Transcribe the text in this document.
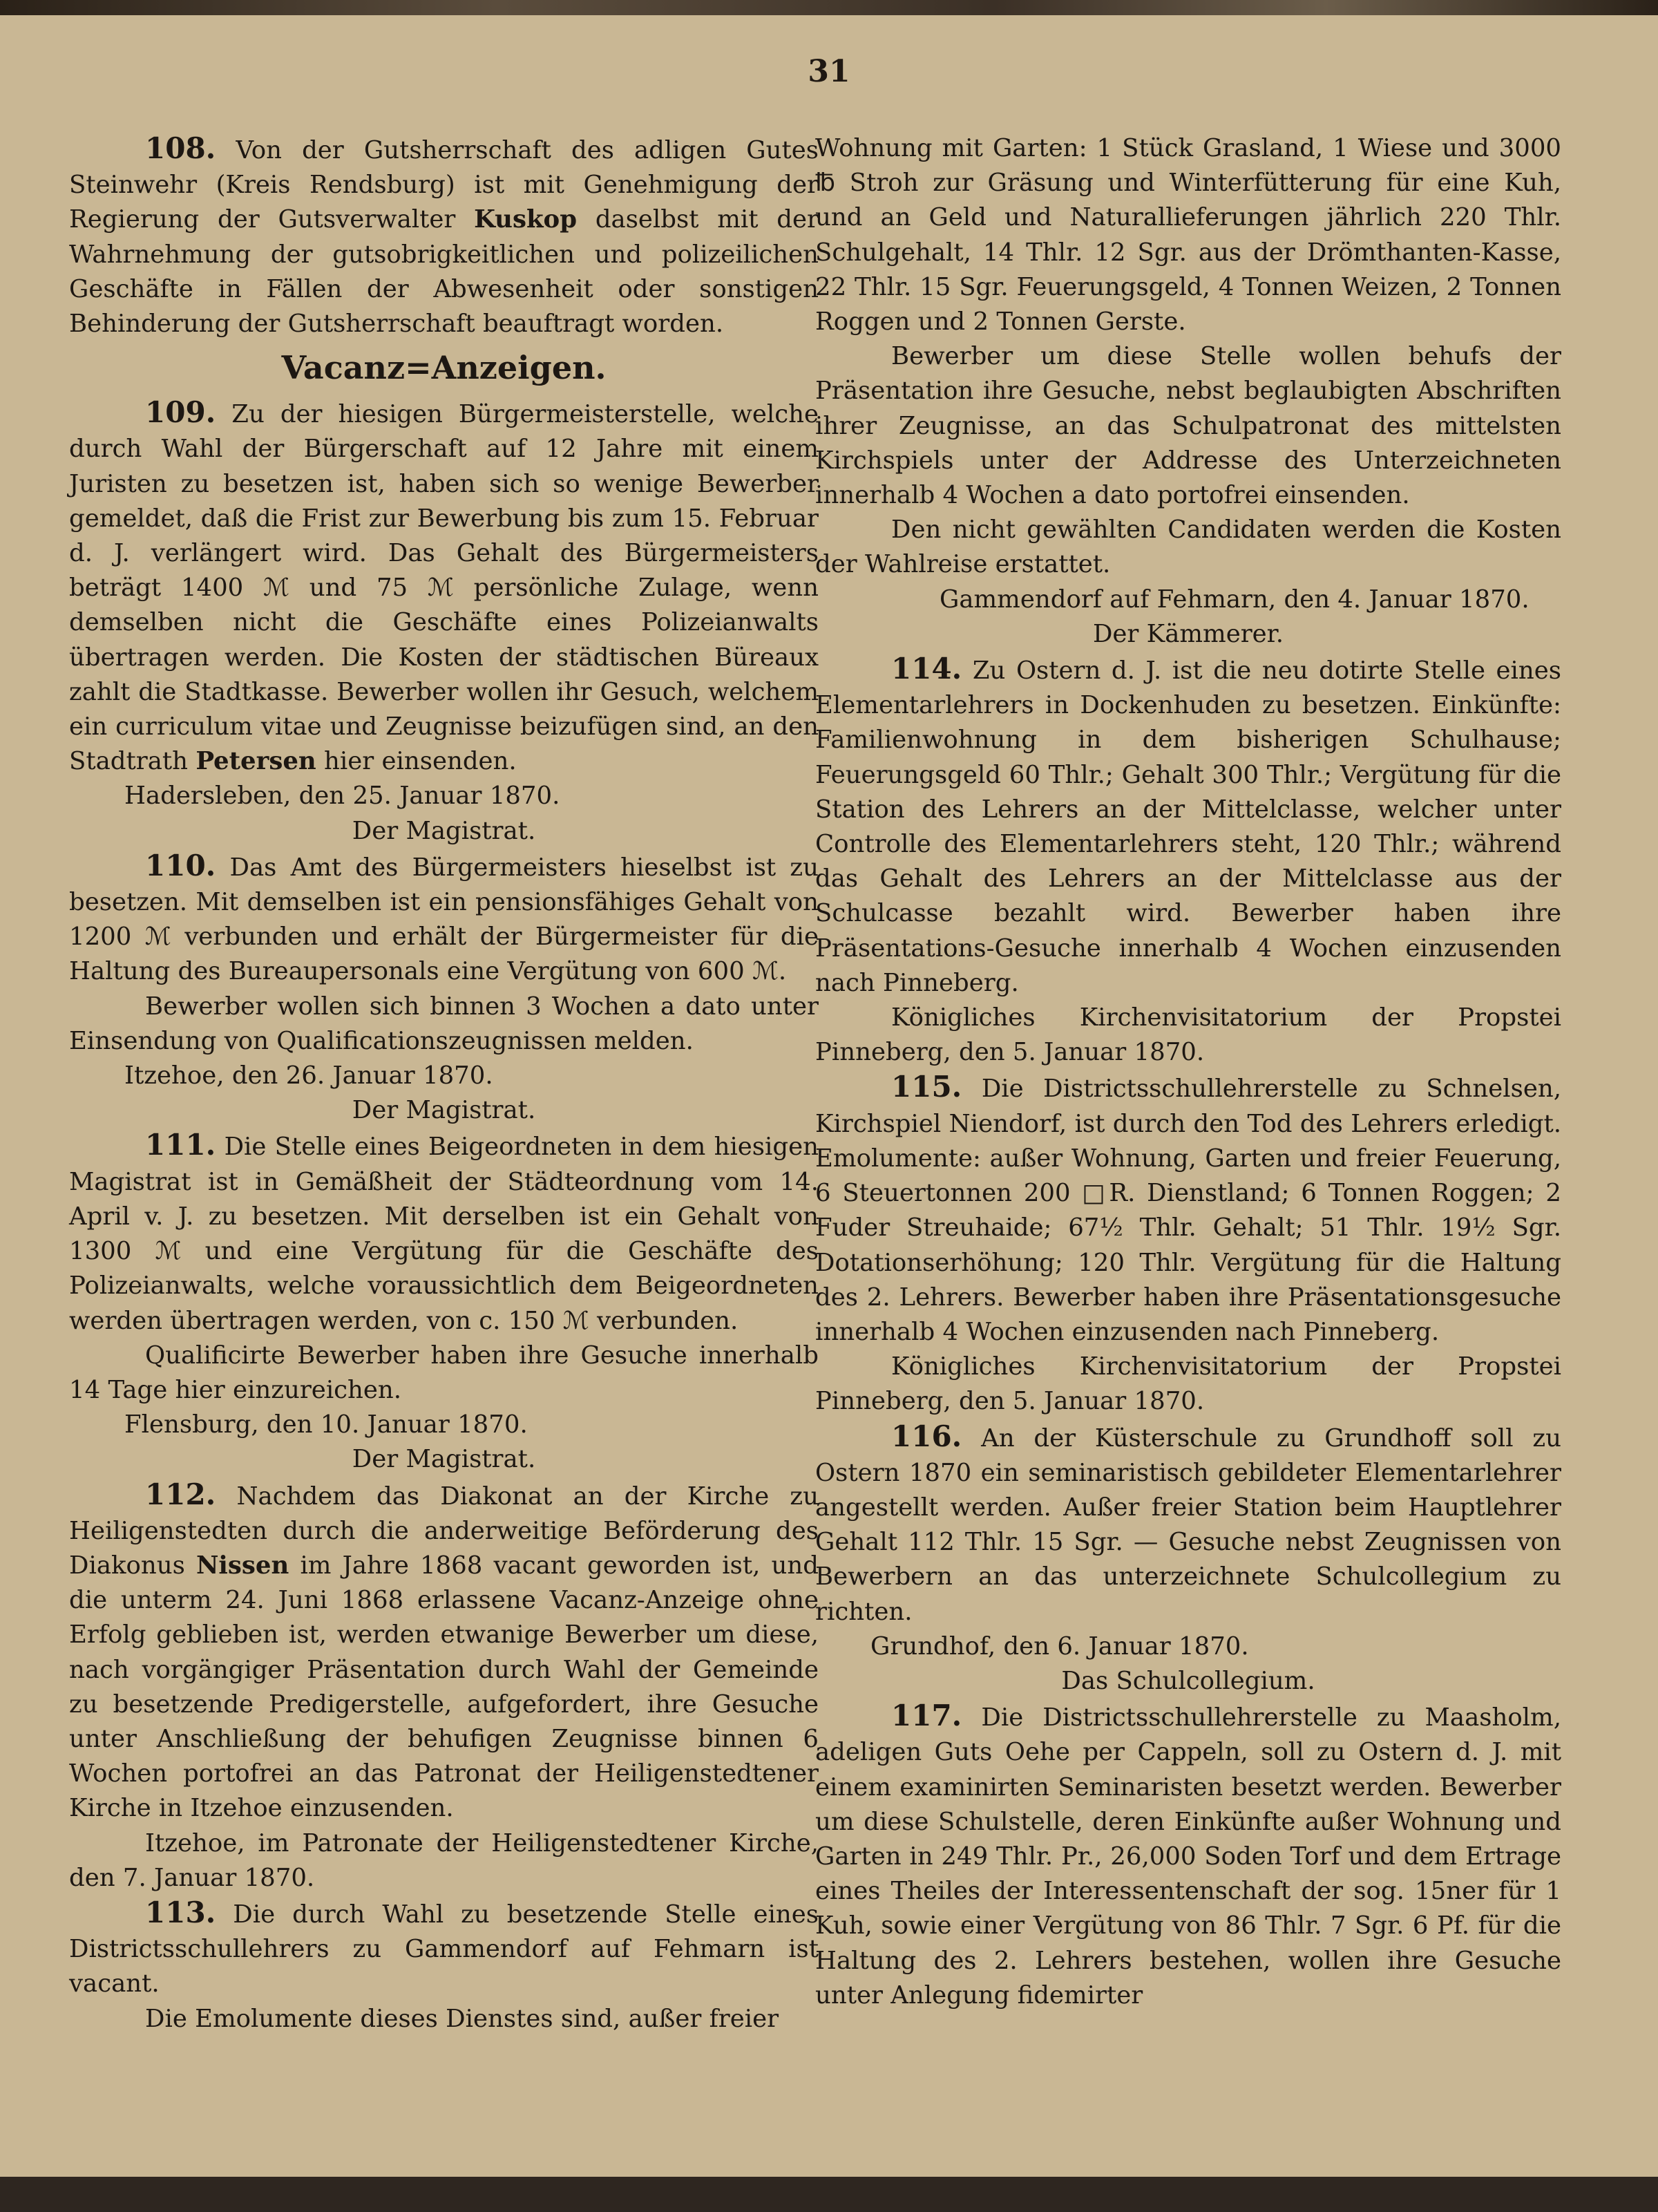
31

108. Von der Gutsherrschaft des adligen Gutes Steinwehr (Kreis Rendsburg) ist mit Genehmigung der Regierung der Gutsverwalter Kuskop daselbst mit der Wahrnehmung der gutsobrigkeitlichen und polizeilichen Geschäfte in Fällen der Abwesenheit oder sonstigen Behinderung der Gutsherrschaft beauftragt worden.

Vacanz=Anzeigen.

109. Zu der hiesigen Bürgermeisterstelle, welche durch Wahl der Bürgerschaft auf 12 Jahre mit einem Juristen zu besetzen ist, haben sich so wenige Bewerber gemeldet, daß die Frist zur Bewerbung bis zum 15. Februar d. J. verlängert wird. Das Gehalt des Bürgermeisters beträgt 1400 ℳ und 75 ℳ persönliche Zulage, wenn demselben nicht die Geschäfte eines Polizeianwalts übertragen werden. Die Kosten der städtischen Büreaux zahlt die Stadtkasse. Bewerber wollen ihr Gesuch, welchem ein curriculum vitae und Zeugnisse beizufügen sind, an den Stadtrath Petersen hier einsenden.

Hadersleben, den 25. Januar 1870.

Der Magistrat.

110. Das Amt des Bürgermeisters hieselbst ist zu besetzen. Mit demselben ist ein pensionsfähiges Gehalt von 1200 ℳ verbunden und erhält der Bürgermeister für die Haltung des Bureaupersonals eine Vergütung von 600 ℳ.

Bewerber wollen sich binnen 3 Wochen a dato unter Einsendung von Qualificationszeugnissen melden.

Itzehoe, den 26. Januar 1870.

Der Magistrat.

111. Die Stelle eines Beigeordneten in dem hiesigen Magistrat ist in Gemäßheit der Städteordnung vom 14. April v. J. zu besetzen. Mit derselben ist ein Gehalt von 1300 ℳ und eine Vergütung für die Geschäfte des Polizeianwalts, welche voraussichtlich dem Beigeordneten werden übertragen werden, von c. 150 ℳ verbunden.

Qualificirte Bewerber haben ihre Gesuche innerhalb 14 Tage hier einzureichen.

Flensburg, den 10. Januar 1870.

Der Magistrat.

112. Nachdem das Diakonat an der Kirche zu Heiligenstedten durch die anderweitige Beförderung des Diakonus Nissen im Jahre 1868 vacant geworden ist, und die unterm 24. Juni 1868 erlassene Vacanz-Anzeige ohne Erfolg geblieben ist, werden etwanige Bewerber um diese, nach vorgängiger Präsentation durch Wahl der Gemeinde zu besetzende Predigerstelle, aufgefordert, ihre Gesuche unter Anschließung der behufigen Zeugnisse binnen 6 Wochen portofrei an das Patronat der Heiligenstedtener Kirche in Itzehoe einzusenden.

Itzehoe, im Patronate der Heiligenstedtener Kirche, den 7. Januar 1870.

113. Die durch Wahl zu besetzende Stelle eines Districtsschullehrers zu Gammendorf auf Fehmarn ist vacant.

Die Emolumente dieses Dienstes sind, außer freier

Wohnung mit Garten: 1 Stück Grasland, 1 Wiese und 3000 ℔ Stroh zur Gräsung und Winterfütterung für eine Kuh, und an Geld und Naturallieferungen jährlich 220 Thlr. Schulgehalt, 14 Thlr. 12 Sgr. aus der Drömthanten-Kasse, 22 Thlr. 15 Sgr. Feuerungsgeld, 4 Tonnen Weizen, 2 Tonnen Roggen und 2 Tonnen Gerste.

Bewerber um diese Stelle wollen behufs der Präsentation ihre Gesuche, nebst beglaubigten Abschriften ihrer Zeugnisse, an das Schulpatronat des mittelsten Kirchspiels unter der Addresse des Unterzeichneten innerhalb 4 Wochen a dato portofrei einsenden.

Den nicht gewählten Candidaten werden die Kosten der Wahlreise erstattet.

Gammendorf auf Fehmarn, den 4. Januar 1870.

Der Kämmerer.

114. Zu Ostern d. J. ist die neu dotirte Stelle eines Elementarlehrers in Dockenhuden zu besetzen. Einkünfte: Familienwohnung in dem bisherigen Schulhause; Feuerungsgeld 60 Thlr.; Gehalt 300 Thlr.; Vergütung für die Station des Lehrers an der Mittelclasse, welcher unter Controlle des Elementarlehrers steht, 120 Thlr.; während das Gehalt des Lehrers an der Mittelclasse aus der Schulcasse bezahlt wird. Bewerber haben ihre Präsentations-Gesuche innerhalb 4 Wochen einzusenden nach Pinneberg.

Königliches Kirchenvisitatorium der Propstei Pinneberg, den 5. Januar 1870.

115. Die Districtsschullehrerstelle zu Schnelsen, Kirchspiel Niendorf, ist durch den Tod des Lehrers erledigt. Emolumente: außer Wohnung, Garten und freier Feuerung, 6 Steuertonnen 200 □R. Dienstland; 6 Tonnen Roggen; 2 Fuder Streuhaide; 67½ Thlr. Gehalt; 51 Thlr. 19½ Sgr. Dotationserhöhung; 120 Thlr. Vergütung für die Haltung des 2. Lehrers. Bewerber haben ihre Präsentationsgesuche innerhalb 4 Wochen einzusenden nach Pinneberg.

Königliches Kirchenvisitatorium der Propstei Pinneberg, den 5. Januar 1870.

116. An der Küsterschule zu Grundhoff soll zu Ostern 1870 ein seminaristisch gebildeter Elementarlehrer angestellt werden. Außer freier Station beim Hauptlehrer Gehalt 112 Thlr. 15 Sgr. — Gesuche nebst Zeugnissen von Bewerbern an das unterzeichnete Schulcollegium zu richten.

Grundhof, den 6. Januar 1870.

Das Schulcollegium.

117. Die Districtsschullehrerstelle zu Maasholm, adeligen Guts Oehe per Cappeln, soll zu Ostern d. J. mit einem examinirten Seminaristen besetzt werden. Bewerber um diese Schulstelle, deren Einkünfte außer Wohnung und Garten in 249 Thlr. Pr., 26,000 Soden Torf und dem Ertrage eines Theiles der Interessentenschaft der sog. 15ner für 1 Kuh, sowie einer Vergütung von 86 Thlr. 7 Sgr. 6 Pf. für die Haltung des 2. Lehrers bestehen, wollen ihre Gesuche unter Anlegung fidemirter
